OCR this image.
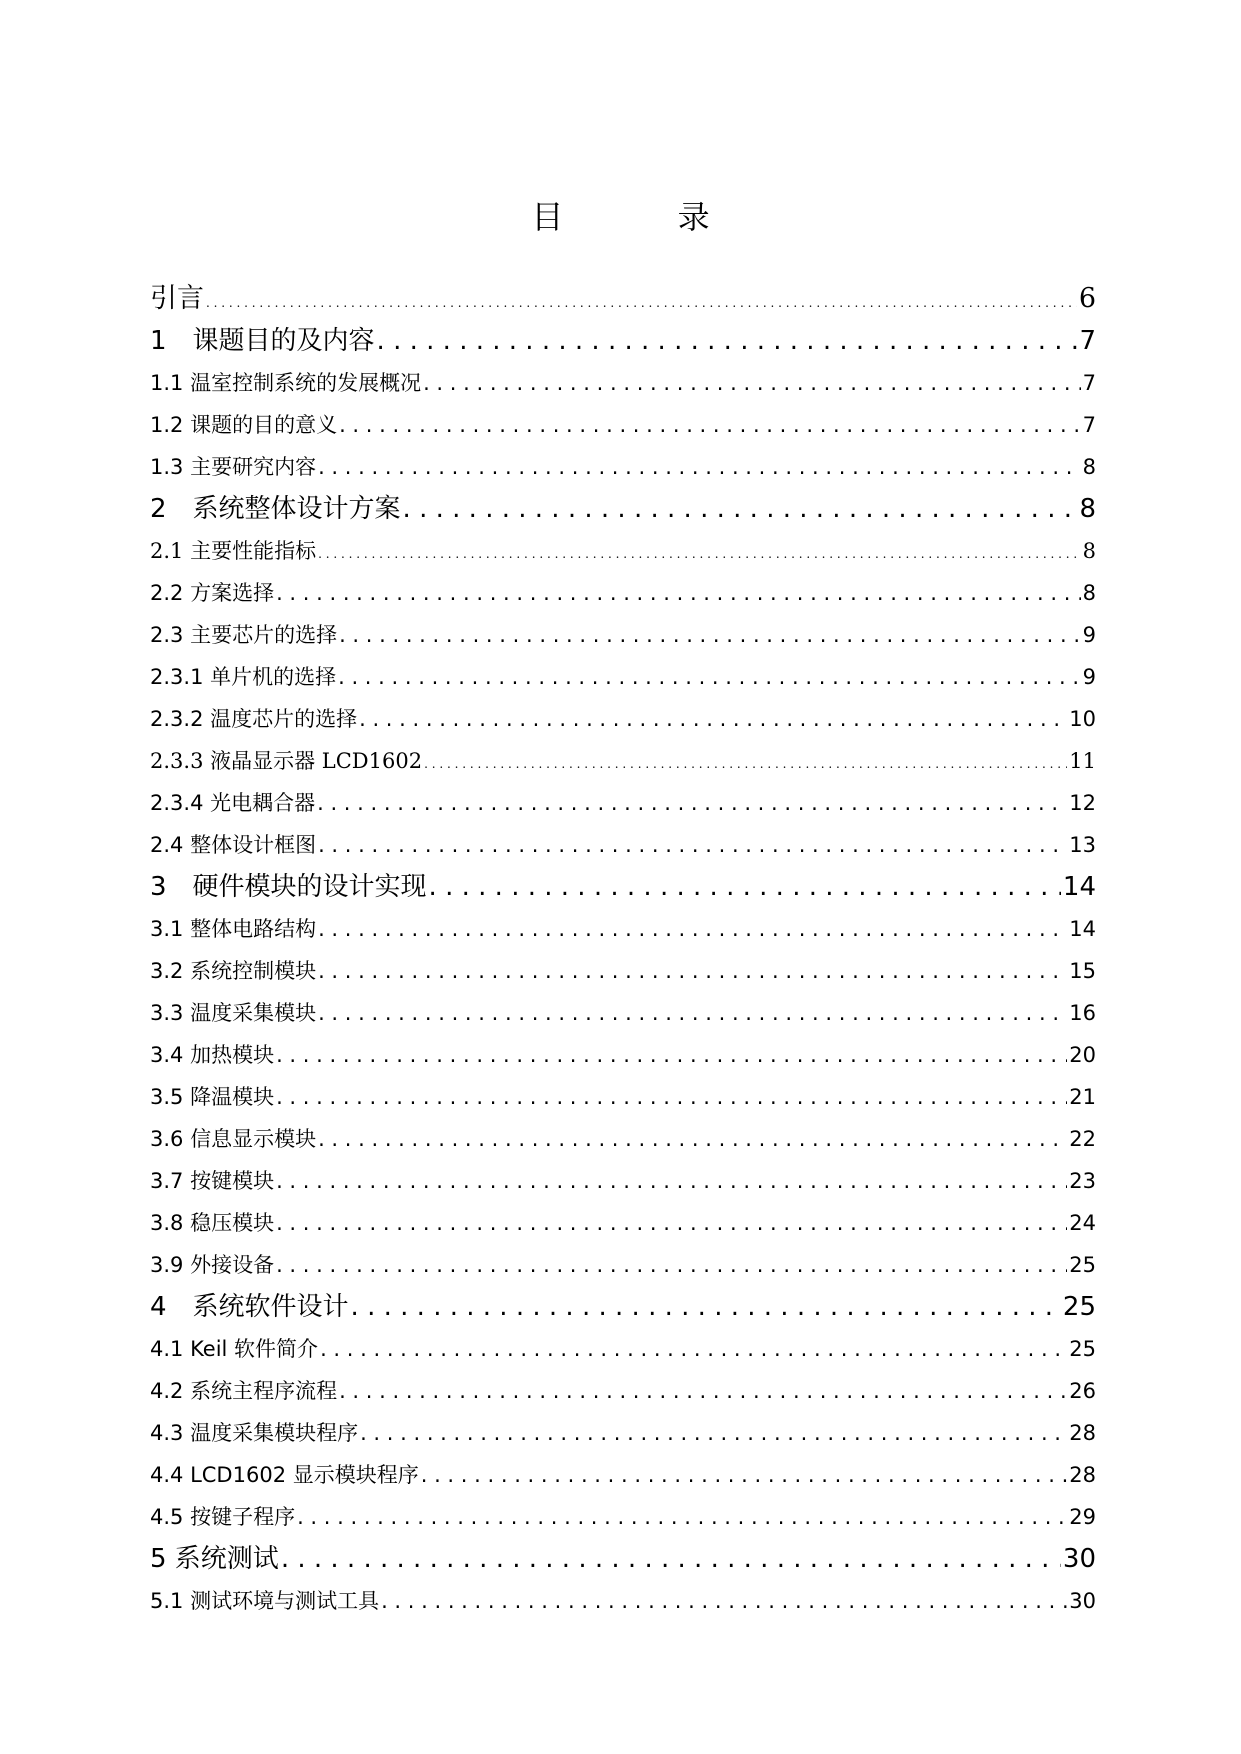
目 录
引言 . . .	6
1　课题目的及内容 . . .	7
1.1 温室控制系统的发展概况 . . .	7
1.2 课题的目的意义 . . .	7
1.3 主要研究内容 . . .	8
2　系统整体设计方案 . . .	8
2.1 主要性能指标 . . .	8
2.2 方案选择 . . .	8
2.3 主要芯片的选择 . . .	9
2.3.1 单片机的选择 . . .	9
2.3.2 温度芯片的选择 . . .	10
2.3.3 液晶显示器 LCD1602 . . .	11
2.3.4 光电耦合器 . . .	12
2.4 整体设计框图 . . .	13
3　硬件模块的设计实现 . . .	14
3.1 整体电路结构 . . .	14
3.2 系统控制模块 . . .	15
3.3 温度采集模块 . . .	16
3.4 加热模块 . . .	20
3.5 降温模块 . . .	21
3.6 信息显示模块 . . .	22
3.7 按键模块 . . .	23
3.8 稳压模块 . . .	24
3.9 外接设备 . . .	25
4　系统软件设计 . . .	25
4.1 Keil 软件简介 . . .	25
4.2 系统主程序流程 . . .	26
4.3 温度采集模块程序 . . .	28
4.4 LCD1602 显示模块程序 . . .	28
4.5 按键子程序 . . .	29
5 系统测试 . . .	30
5.1 测试环境与测试工具 . . .	30
